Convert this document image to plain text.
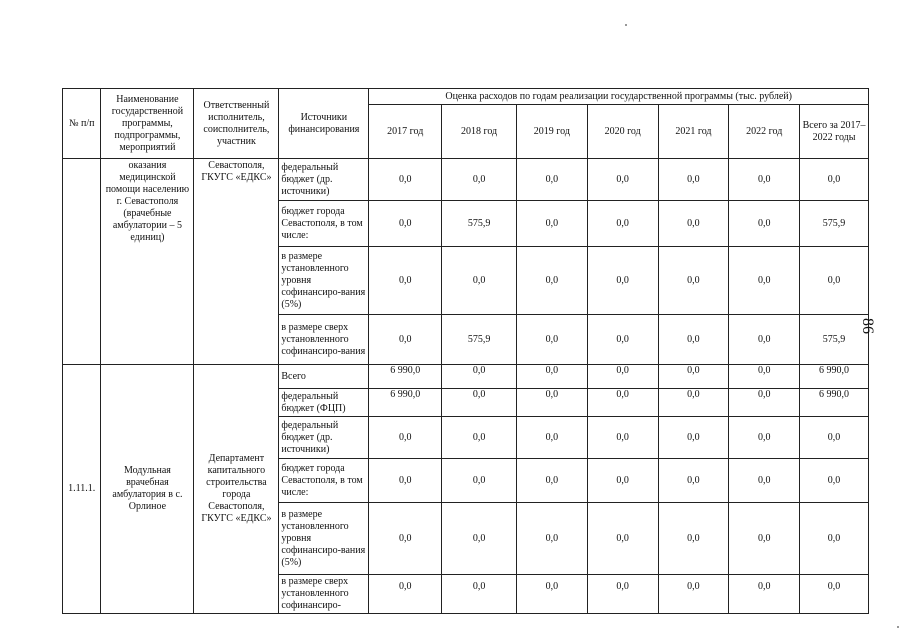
№ п/п	Наименование государственной программы, подпрограммы, мероприятий	Ответственный исполнитель, соисполнитель, участник	Источники финансирования	Оценка расходов по годам реализации государственной программы (тыс. рублей)						
				2017 год	2018 год	2019 год	2020 год	2021 год	2022 год	Всего за 2017–2022 годы
	оказания медицинской помощи населению г. Севастополя (врачебные амбулатории – 5 единиц)	Севастополя, ГКУГС «ЕДКС»	федеральный бюджет (др. источники)	0,0	0,0	0,0	0,0	0,0	0,0	0,0
			бюджет города Севастополя, в том числе:	0,0	575,9	0,0	0,0	0,0	0,0	575,9
			в размере установленного уровня софинансиро-вания (5%)	0,0	0,0	0,0	0,0	0,0	0,0	0,0
			в размере сверх установленного софинансиро-вания	0,0	575,9	0,0	0,0	0,0	0,0	575,9
1.11.1.	Модульная врачебная амбулатория в с. Орлиное	Департамент капитального строительства города Севастополя, ГКУГС «ЕДКС»	Всего	6 990,0	0,0	0,0	0,0	0,0	0,0	6 990,0
			федеральный бюджет (ФЦП)	6 990,0	0,0	0,0	0,0	0,0	0,0	6 990,0
			федеральный бюджет (др. источники)	0,0	0,0	0,0	0,0	0,0	0,0	0,0
			бюджет города Севастополя, в том числе:	0,0	0,0	0,0	0,0	0,0	0,0	0,0
			в размере установленного уровня софинансиро-вания (5%)	0,0	0,0	0,0	0,0	0,0	0,0	0,0
			в размере сверх установленного софинансиро-	0,0	0,0	0,0	0,0	0,0	0,0	0,0
86
